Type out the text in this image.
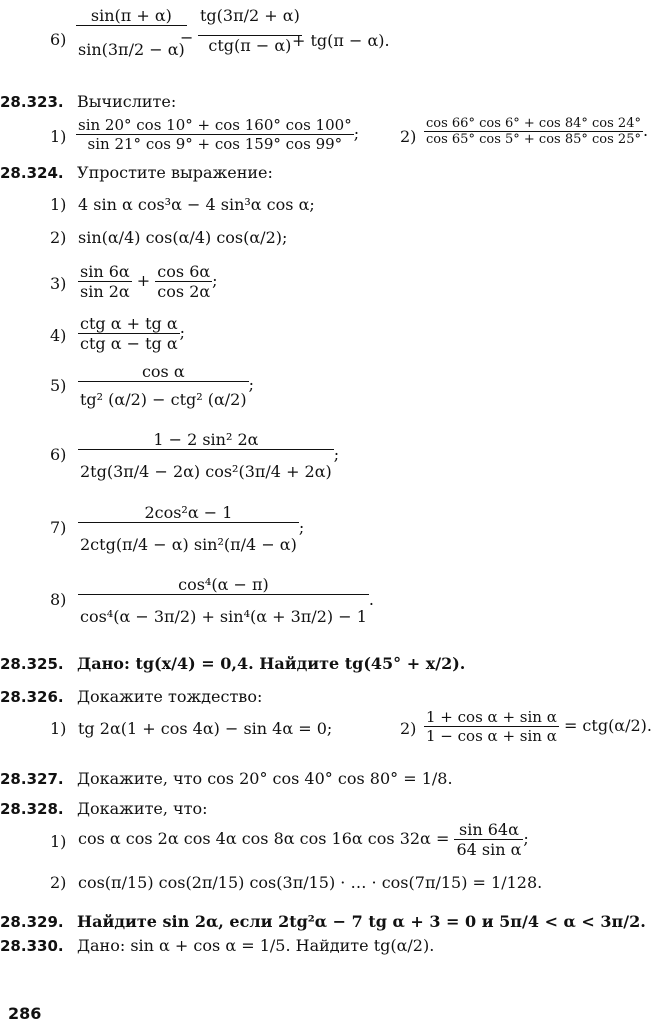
$6) \frac{\sin(\pi + \alpha)}{\sin(3\pi/2 - \alpha)}$
− $\frac{tg(3\pi/2 + \alpha)}{\text{ctg(π − α)}}$
+ tg(π − α).
28.323. Вычислите:
$1) \frac{\sin 20^\circ \cos 10^\circ + \cos 160^\circ \cos 100^\circ}{\sin 21^\circ \cos 9^\circ + \cos 159^\circ \cos 99^\circ}$ ;	$2) \frac{\cos 66^\circ \cos 6^\circ + \cos 84^\circ \cos 24^\circ}{\cos 65^\circ \cos 5^\circ + \cos 85^\circ \cos 25^\circ}$ .
28.324. Упростите выражение:
1) 4 sin α cos³α − 4 sin³α cos α;
2) sin(α/4) cos(α/4) cos(α/2);
$3) \frac{\sin 6\alpha}{\sin 2\alpha} + \frac{\cos 6\alpha}{\cos 2\alpha}$ ;
$4) \frac{\text{ctg α + tg α}}{\text{ctg α − tg α}}$ ;
$5) \frac{\text{cos α}}{\text{tg² (α/2) − ctg² (α/2)}}$ ;
$6) \frac{\text{1 − 2 sin² 2α}}{\text{2tg(3π/4 − 2α) cos²(3π/4 + 2α)}}$ ;
$7) \frac{\text{2cos²α − 1}}{\text{2ctg(π/4 − α) sin²(π/4 − α)}}$ ;
$8) \frac{\text{cos⁴(α − π)}}{\text{cos⁴(α − 3π/2) + sin⁴(α + 3π/2) − 1}}$ .
28.325. Дано: tg(x/4) = 0,4. Найдите tg(45° + x/2).
28.326. Докажите тождество:
1) tg 2α(1 + cos 4α) − sin 4α = 0;	$2) \frac{\text{1 + cos α + sin α}}{\text{1 − cos α + sin α}} = ctg(\alpha/2)$.
28.327. Докажите, что cos 20° cos 40° cos 80° = 1/8.
28.328. Докажите, что:
1) cos α cos 2α cos 4α cos 8α cos 16α $\cos 32\alpha = \frac{\sin 64\alpha}{\text{64 sin α}}$ ;
2) cos(π/15) cos(2π/15) cos(3π/15) · … · cos(7π/15) = 1/128.
28.329. Найдите sin 2α, если 2tg²α − 7 tg α + 3 = 0 и 5π/4 < α < 3π/2.
28.330. Дано: sin α + cos α = 1/5. Найдите tg(α/2).
286
